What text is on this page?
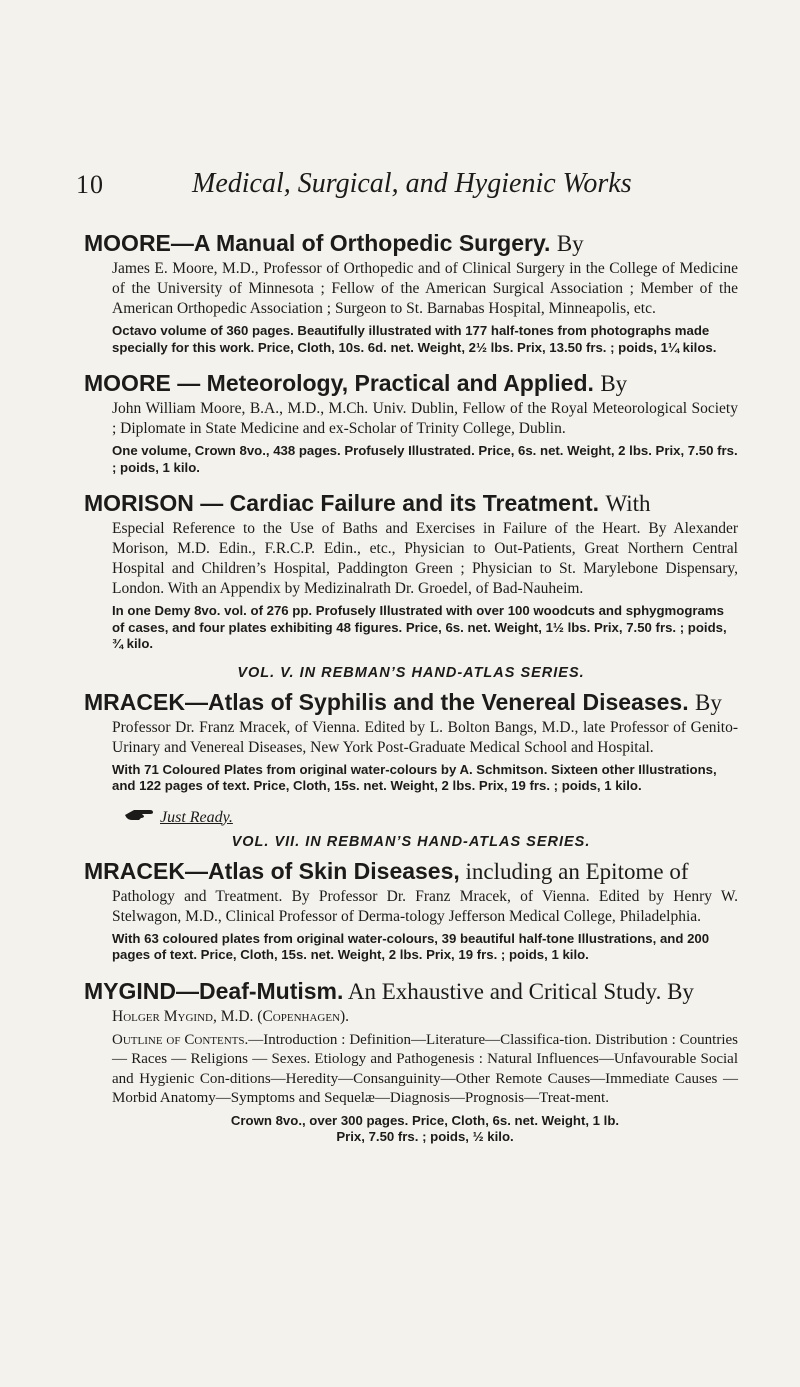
10	Medical, Surgical, and Hygienic Works

MOORE—A Manual of Orthopedic Surgery. By

James E. Moore, M.D., Professor of Orthopedic and of Clinical Surgery in the College of Medicine of the University of Minnesota ; Fellow of the American Surgical Association ; Member of the American Orthopedic Association ; Surgeon to St. Barnabas Hospital, Minneapolis, etc.

Octavo volume of 360 pages. Beautifully illustrated with 177 half-tones from photographs made specially for this work. Price, Cloth, 10s. 6d. net. Weight, 2½ lbs. Prix, 13.50 frs. ; poids, 1¼ kilos.

MOORE — Meteorology, Practical and Applied. By

John William Moore, B.A., M.D., M.Ch. Univ. Dublin, Fellow of the Royal Meteorological Society ; Diplomate in State Medicine and ex-Scholar of Trinity College, Dublin.

One volume, Crown 8vo., 438 pages. Profusely Illustrated. Price, 6s. net. Weight, 2 lbs. Prix, 7.50 frs. ; poids, 1 kilo.

MORISON — Cardiac Failure and its Treatment. With

Especial Reference to the Use of Baths and Exercises in Failure of the Heart. By Alexander Morison, M.D. Edin., F.R.C.P. Edin., etc., Physician to Out-Patients, Great Northern Central Hospital and Children’s Hospital, Paddington Green ; Physician to St. Marylebone Dispensary, London. With an Appendix by Medizinalrath Dr. Groedel, of Bad-Nauheim.

In one Demy 8vo. vol. of 276 pp. Profusely Illustrated with over 100 woodcuts and sphygmograms of cases, and four plates exhibiting 48 figures. Price, 6s. net. Weight, 1½ lbs. Prix, 7.50 frs. ; poids, ¾ kilo.

VOL. V. IN REBMAN’S HAND-ATLAS SERIES.

MRACEK—Atlas of Syphilis and the Venereal Diseases. By

Professor Dr. Franz Mracek, of Vienna. Edited by L. Bolton Bangs, M.D., late Professor of Genito-Urinary and Venereal Diseases, New York Post-Graduate Medical School and Hospital.

With 71 Coloured Plates from original water-colours by A. Schmitson. Sixteen other Illustrations, and 122 pages of text. Price, Cloth, 15s. net. Weight, 2 lbs. Prix, 19 frs. ; poids, 1 kilo.

Just Ready.

VOL. VII. IN REBMAN’S HAND-ATLAS SERIES.

MRACEK—Atlas of Skin Diseases, including an Epitome of

Pathology and Treatment. By Professor Dr. Franz Mracek, of Vienna. Edited by Henry W. Stelwagon, M.D., Clinical Professor of Derma-tology Jefferson Medical College, Philadelphia.

With 63 coloured plates from original water-colours, 39 beautiful half-tone Illustrations, and 200 pages of text. Price, Cloth, 15s. net. Weight, 2 lbs. Prix, 19 frs. ; poids, 1 kilo.

MYGIND—Deaf-Mutism. An Exhaustive and Critical Study. By

Holger Mygind, M.D. (Copenhagen).

Outline of Contents.—Introduction : Definition—Literature—Classifica-tion. Distribution : Countries — Races — Religions — Sexes. Etiology and Pathogenesis : Natural Influences—Unfavourable Social and Hygienic Con-ditions—Heredity—Consanguinity—Other Remote Causes—Immediate Causes —Morbid Anatomy—Symptoms and Sequelæ—Diagnosis—Prognosis—Treat-ment.

Crown 8vo., over 300 pages. Price, Cloth, 6s. net. Weight, 1 lb.

Prix, 7.50 frs. ; poids, ½ kilo.
